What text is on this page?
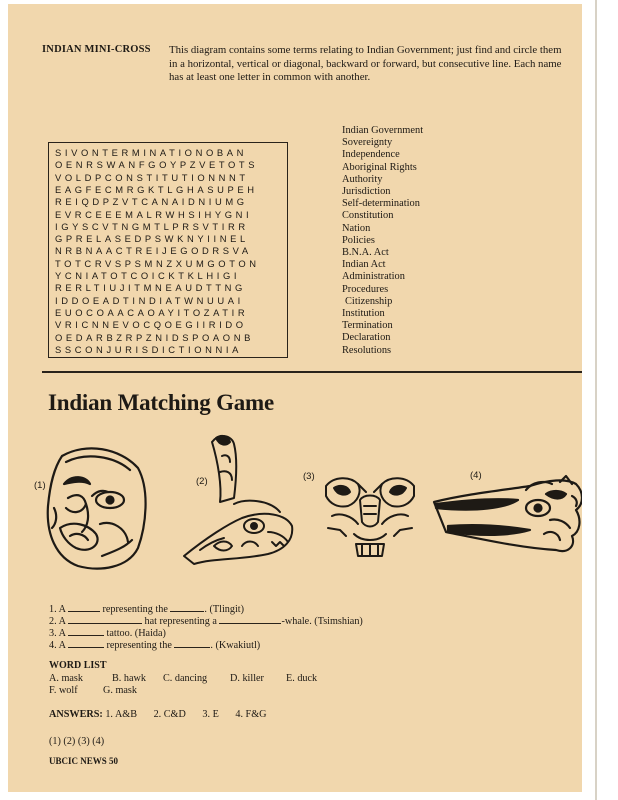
INDIAN MINI-CROSS This diagram contains some terms relating to Indian Government; just find and circle them in a horizontal, vertical or diagonal, backward or forward, but consecutive line. Each name has at least one letter in common with another.
SIVONTERMINATIONOBAN
OENRSWANFGOYPZVETOTS
VOLDPCONSTITUTIONNNT
EAGFECMRGKTLGHASUPEH
REIQDPZVTCANAIDNIUMG
EVRCEEEMALRWHSIHYGNI
IGYSCVTNGMTLPRSVTIRR
GPRELASEDPSWKNYIINEL
NRBNAACTREIJEGODRSVA
TOTCRVSPSMNZXUMGOTON
YCNIATOTCOICKTKLHIGI
RERLTIUJITMNEAUDTTNG
IDDOEADTINDIATWNUUAI
EUOCOAACAOAYITOZATIR
VRICNNEVOCQOEGIIRIDO
OEDARBZRPZNIDSPOAONB
SSCONJURISDICTIONNIA
Indian Government
Sovereignty
Independence
Aboriginal Rights
Authority
Jurisdiction
Self-determination
Constitution
Nation
Policies
B.N.A. Act
Indian Act
Administration
Procedures
Citizenship
Institution
Termination
Declaration
Resolutions
Indian Matching Game
(1)	(2)	(3)	(4)
1. A	representing the	. (Tlingit)
2. A	hat representing a	-whale. (Tsimshian)
3. A	tattoo. (Haida)
4. A	representing the	. (Kwakiutl)
WORD LIST
A. mask	B. hawk C. dancing D. killer E. duck
F. wolf G. mask
ANSWERS: 1. A&B 2. C&D 3. E 4. F&G
(1) (2) (3) (4)
UBCIC NEWS 50
